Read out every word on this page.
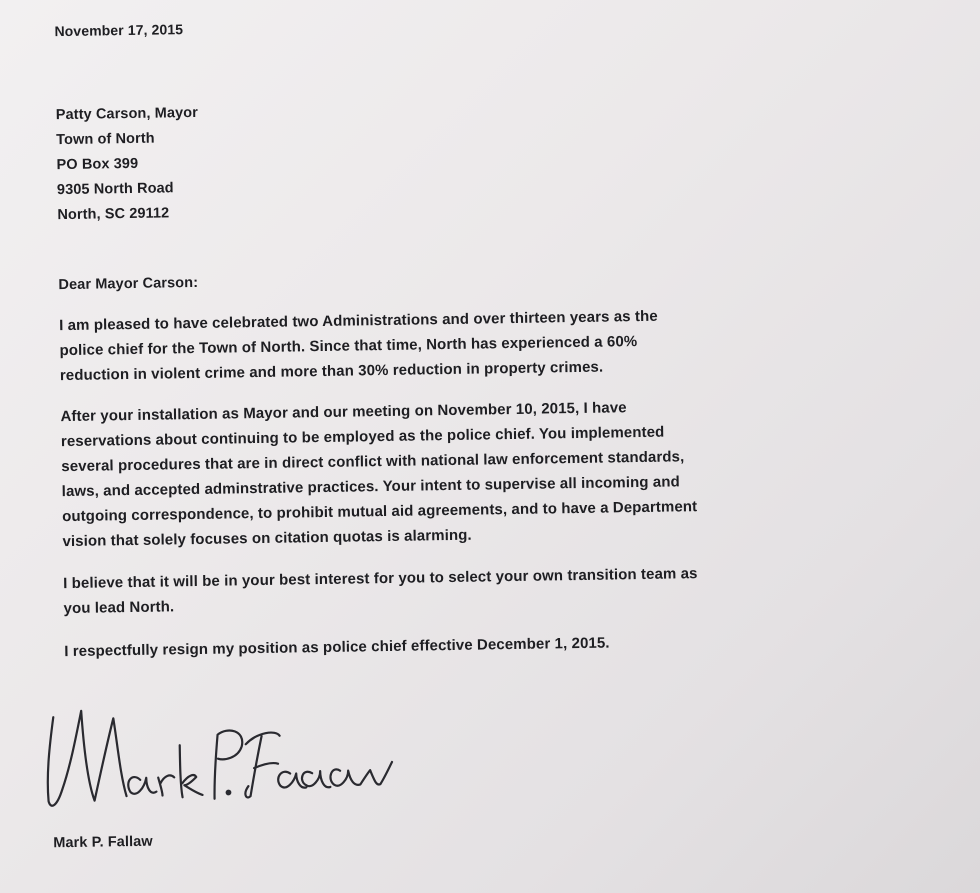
November 17, 2015
Patty Carson, Mayor
Town of North
PO Box 399
9305 North Road
North, SC 29112
Dear Mayor Carson:
I am pleased to have celebrated two Administrations and over thirteen years as the
police chief for the Town of North. Since that time, North has experienced a 60%
reduction in violent crime and more than 30% reduction in property crimes.
After your installation as Mayor and our meeting on November 10, 2015, I have
reservations about continuing to be employed as the police chief. You implemented
several procedures that are in direct conflict with national law enforcement standards,
laws, and accepted adminstrative practices. Your intent to supervise all incoming and
outgoing correspondence, to prohibit mutual aid agreements, and to have a Department
vision that solely focuses on citation quotas is alarming.
I believe that it will be in your best interest for you to select your own transition team as
you lead North.
I respectfully resign my position as police chief effective December 1, 2015.
Mark P. Fallaw
